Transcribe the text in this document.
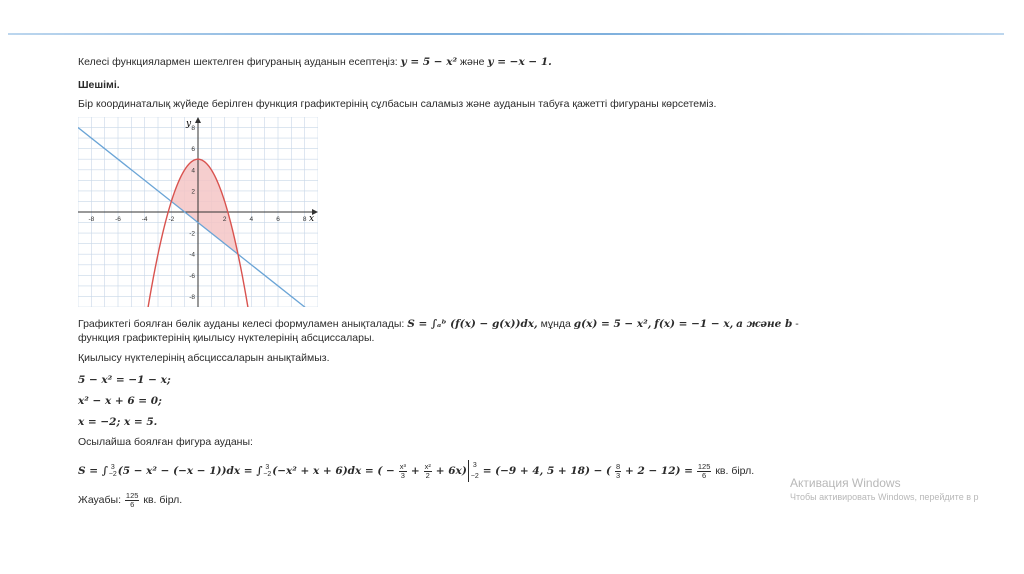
Келесі функциялармен шектелген фигураның ауданын есептеңіз: y = 5 − x² және y = −x − 1.
Шешімі.
Бір координаталық жүйеде берілген функция графиктерінің сұлбасын саламыз және ауданын табуға қажетті фигураны көрсетеміз.
Графиктегі боялған бөлік ауданы келесі формуламен анықталады: S = ∫ₐᵇ (f(x) − g(x))dx, мұнда g(x) = 5 − x², f(x) = −1 − x, a және b -
функция графиктерінің қиылысу нүктелерінің абсциссалары.
Қиылысу нүктелерінің абсциссаларын анықтаймыз.
5 − x² = −1 − x;
x² − x + 6 = 0;
x = −2; x = 5.
Осылайша боялған фигура ауданы:
S = ∫ 3
−2 (5 − x² − (−x − 1))dx = ∫ 3
−2 (−x² + x + 6)dx = ( − $\frac{\text{x³}}{3} + \frac{\text{x²}}{2} + 6x$) 3
−2 = (−9 + 4, 5 + 18) − ( $\frac{8}{3} + 2 - 12) = \frac{125}{6}$ кв. бірл.
Жауабы: $\frac{125}{6}$ кв. бірл.
-8	-6	-4	-2	2	4	6	8
8
6
4
2
-2
-4
-6
-8
x
y
Активация Windows
Чтобы активировать Windows, перейдите в р
